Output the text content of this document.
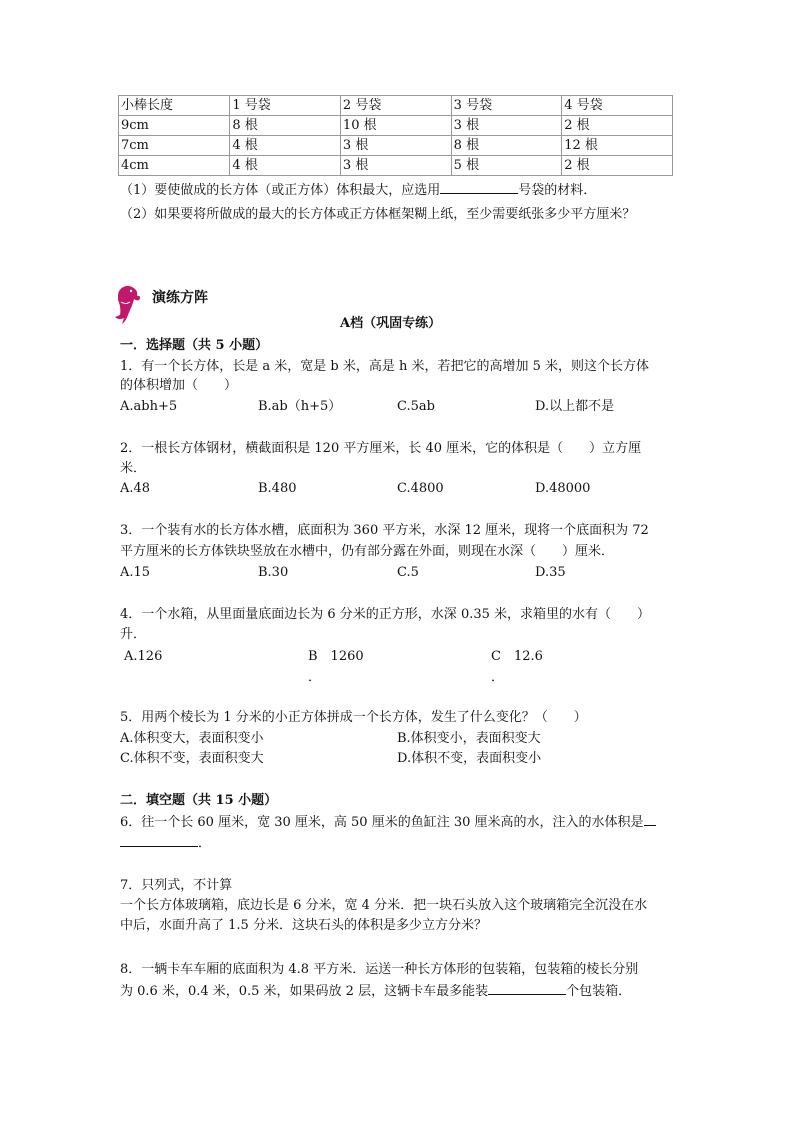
小棒长度	1 号袋	2 号袋	3 号袋	4 号袋
9cm	8 根	10 根	3 根	2 根
7cm	4 根	3 根	8 根	12 根
4cm	4 根	3 根	5 根	2 根
（1）要使做成的长方体（或正方体）体积最大，应选用	号袋的材料．
（2）如果要将所做成的最大的长方体或正方体框架糊上纸，至少需要纸张多少平方厘米？
演练方阵
A档（巩固专练）
一．选择题（共 5 小题）
1．有一个长方体，长是 a 米，宽是 b 米，高是 h 米，若把它的高增加 5 米，则这个长方体
的体积增加（　　）
A.abh+5	B.ab（h+5）	C.5ab	D.以上都不是
2．一根长方体钢材，横截面积是 120 平方厘米，长 40 厘米，它的体积是（　　）立方厘
米．
A.48	B.480	C.4800	D.48000
3．一个装有水的长方体水槽，底面积为 360 平方米，水深 12 厘米，现将一个底面积为 72
平方厘米的长方体铁块竖放在水槽中，仍有部分露在外面，则现在水深（　　）厘米．
A.15	B.30	C.5	D.35
4．一个水箱，从里面量底面边长为 6 分米的正方形，水深 0.35 米，求箱里的水有（　　）
升．
A.126	B　1260	C　12.6
．	．
5．用两个棱长为 1 分米的小正方体拼成一个长方体，发生了什么变化？（　　）
A.体积变大，表面积变小	B.体积变小，表面积变大
C.体积不变，表面积变大	D.体积不变，表面积变小
二．填空题（共 15 小题）
6．往一个长 60 厘米，宽 30 厘米，高 50 厘米的鱼缸注 30 厘米高的水，注入的水体积是
．
7．只列式，不计算
一个长方体玻璃箱，底边长是 6 分米，宽 4 分米．把一块石头放入这个玻璃箱完全沉没在水
中后，水面升高了 1.5 分米．这块石头的体积是多少立方分米？
8．一辆卡车车厢的底面积为 4.8 平方米．运送一种长方体形的包装箱，包装箱的棱长分别
为 0.6 米，0.4 米，0.5 米，如果码放 2 层，这辆卡车最多能装	个包装箱．
